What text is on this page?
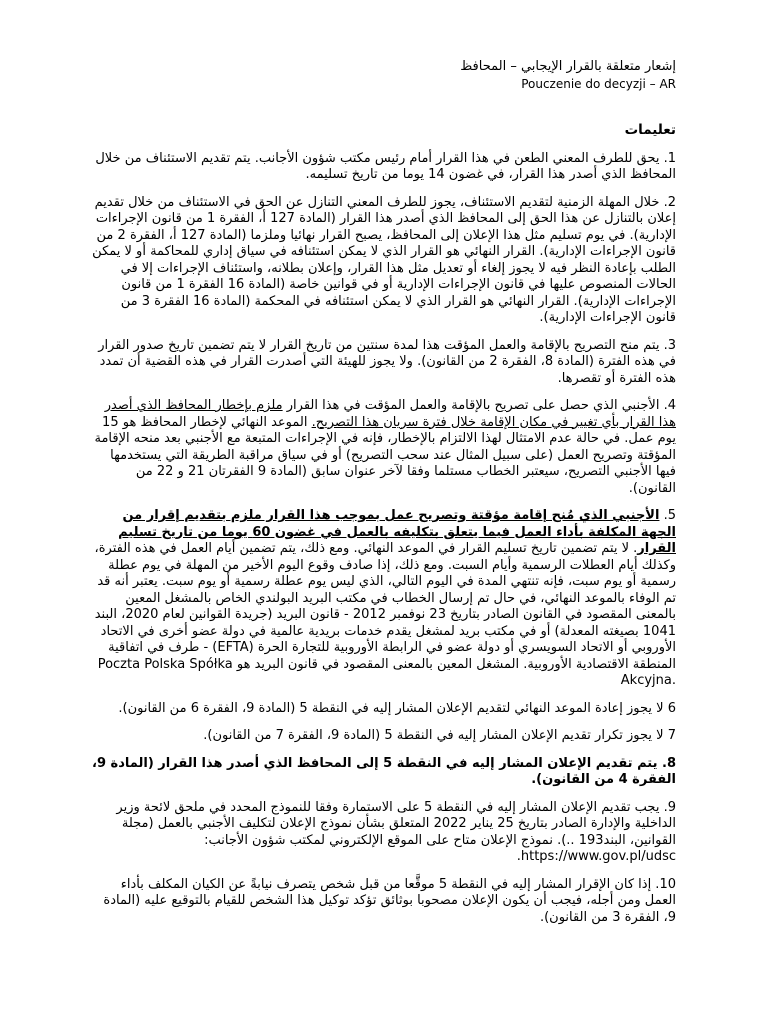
إشعار متعلقة بالقرار الإيجابي – المحافظ
Pouczenie do decyzji – AR
تعليمات

1. يحق للطرف المعني الطعن في هذا القرار أمام رئيس مكتب شؤون الأجانب. يتم تقديم الاستئناف من خلال المحافظ الذي أصدر هذا القرار، في غضون 14 يوما من تاريخ تسليمه.

2. خلال المهلة الزمنية لتقديم الاستئناف، يجوز للطرف المعني التنازل عن الحق في الاستئناف من خلال تقديم إعلان بالتنازل عن هذا الحق إلى المحافظ الذي أصدر هذا القرار (المادة 127 أ، الفقرة 1 من قانون الإجراءات الإدارية). في يوم تسليم مثل هذا الإعلان إلى المحافظ، يصبح القرار نهائيا وملزما (المادة 127 أ، الفقرة 2 من قانون الإجراءات الإدارية). القرار النهائي هو القرار الذي لا يمكن استئنافه في سياق إداري للمحاكمة أو لا يمكن الطلب بإعادة النظر فيه لا يجوز إلغاء أو تعديل مثل هذا القرار، وإعلان بطلانه، واستئناف الإجراءات إلا في الحالات المنصوص عليها في قانون الإجراءات الإدارية أو في قوانين خاصة (المادة 16 الفقرة 1 من قانون الإجراءات الإدارية). القرار النهائي هو القرار الذي لا يمكن استئنافه في المحكمة (المادة 16 الفقرة 3 من قانون الإجراءات الإدارية).

3. يتم منح التصريح بالإقامة والعمل المؤقت هذا لمدة سنتين من تاريخ القرار لا يتم تضمين تاريخ صدور القرار في هذه الفترة (المادة 8، الفقرة 2 من القانون). ولا يجوز للهيئة التي أصدرت القرار في هذه القضية أن تمدد هذه الفترة أو تقصرها.

4. الأجنبي الذي حصل على تصريح بالإقامة والعمل المؤقت في هذا القرار ملزم بإخطار المحافظ الذي أصدر هذا القرار بأي تغيير في مكان الإقامة خلال فترة سريان هذا التصريح. الموعد النهائي لإخطار المحافظ هو 15 يوم عمل. في حالة عدم الامتثال لهذا الالتزام بالإخطار، فإنه في الإجراءات المتبعة مع الأجنبي بعد منحه الإقامة المؤقتة وتصريح العمل (على سبيل المثال عند سحب التصريح) أو في سياق مراقبة الطريقة التي يستخدمها فيها الأجنبي التصريح، سيعتبر الخطاب مستلما وفقا لآخر عنوان سابق (المادة 9 الفقرتان 21 و 22 من القانون).

5. الأجنبي الذي مُنح إقامة مؤقتة وتصريح عمل بموجب هذا القرار ملزم بتقديم إقرار من الجهة المكلفة بأداء العمل فيما يتعلق بتكليفه بالعمل في غضون 60 يوما من تاريخ تسليم القرار. لا يتم تضمين تاريخ تسليم القرار في الموعد النهائي. ومع ذلك، يتم تضمين أيام العمل في هذه الفترة، وكذلك أيام العطلات الرسمية وأيام السبت. ومع ذلك، إذا صادف وقوع اليوم الأخير من المهلة في يوم عطلة رسمية أو يوم سبت، فإنه تنتهي المدة في اليوم التالي، الذي ليس يوم عطلة رسمية أو يوم سبت. يعتبر أنه قد تم الوفاء بالموعد النهائي، في حال تم إرسال الخطاب في مكتب البريد البولندي الخاص بالمشغل المعين بالمعنى المقصود في القانون الصادر بتاريخ 23 نوفمبر 2012 - قانون البريد (جريدة القوانين لعام 2020، البند 1041 بصيغته المعدلة) أو في مكتب بريد لمشغل يقدم خدمات بريدية عالمية في دولة عضو أخرى في الاتحاد الأوروبي أو الاتحاد السويسري أو دولة عضو في الرابطة الأوروبية للتجارة الحرة (EFTA) - طرف في اتفاقية المنطقة الاقتصادية الأوروبية. المشغل المعين بالمعنى المقصود في قانون البريد هو Poczta Polska Spółka Akcyjna.

6 لا يجوز إعادة الموعد النهائي لتقديم الإعلان المشار إليه في النقطة 5 (المادة 9، الفقرة 6 من القانون).

7 لا يجوز تكرار تقديم الإعلان المشار إليه في النقطة 5 (المادة 9، الفقرة 7 من القانون).

8. يتم تقديم الإعلان المشار إليه في النقطة 5 إلى المحافظ الذي أصدر هذا القرار (المادة 9، الفقرة 4 من القانون).

9. يجب تقديم الإعلان المشار إليه في النقطة 5 على الاستمارة وفقا للنموذج المحدد في ملحق لائحة وزير الداخلية والإدارة الصادر بتاريخ 25 يناير 2022 المتعلق بشأن نموذج الإعلان لتكليف الأجنبي بالعمل (مجلة القوانين، البند193 ..). نموذج الإعلان متاح على الموقع الإلكتروني لمكتب شؤون الأجانب: https://www.gov.pl/udsc.

10. إذا كان الإقرار المشار إليه في النقطة 5 موقَّعا من قبل شخص يتصرف نيابةً عن الكيان المكلف بأداء العمل ومن أجله، فيجب أن يكون الإعلان مصحوبا بوثائق تؤكد توكيل هذا الشخص للقيام بالتوقيع عليه (المادة 9، الفقرة 3 من القانون).
